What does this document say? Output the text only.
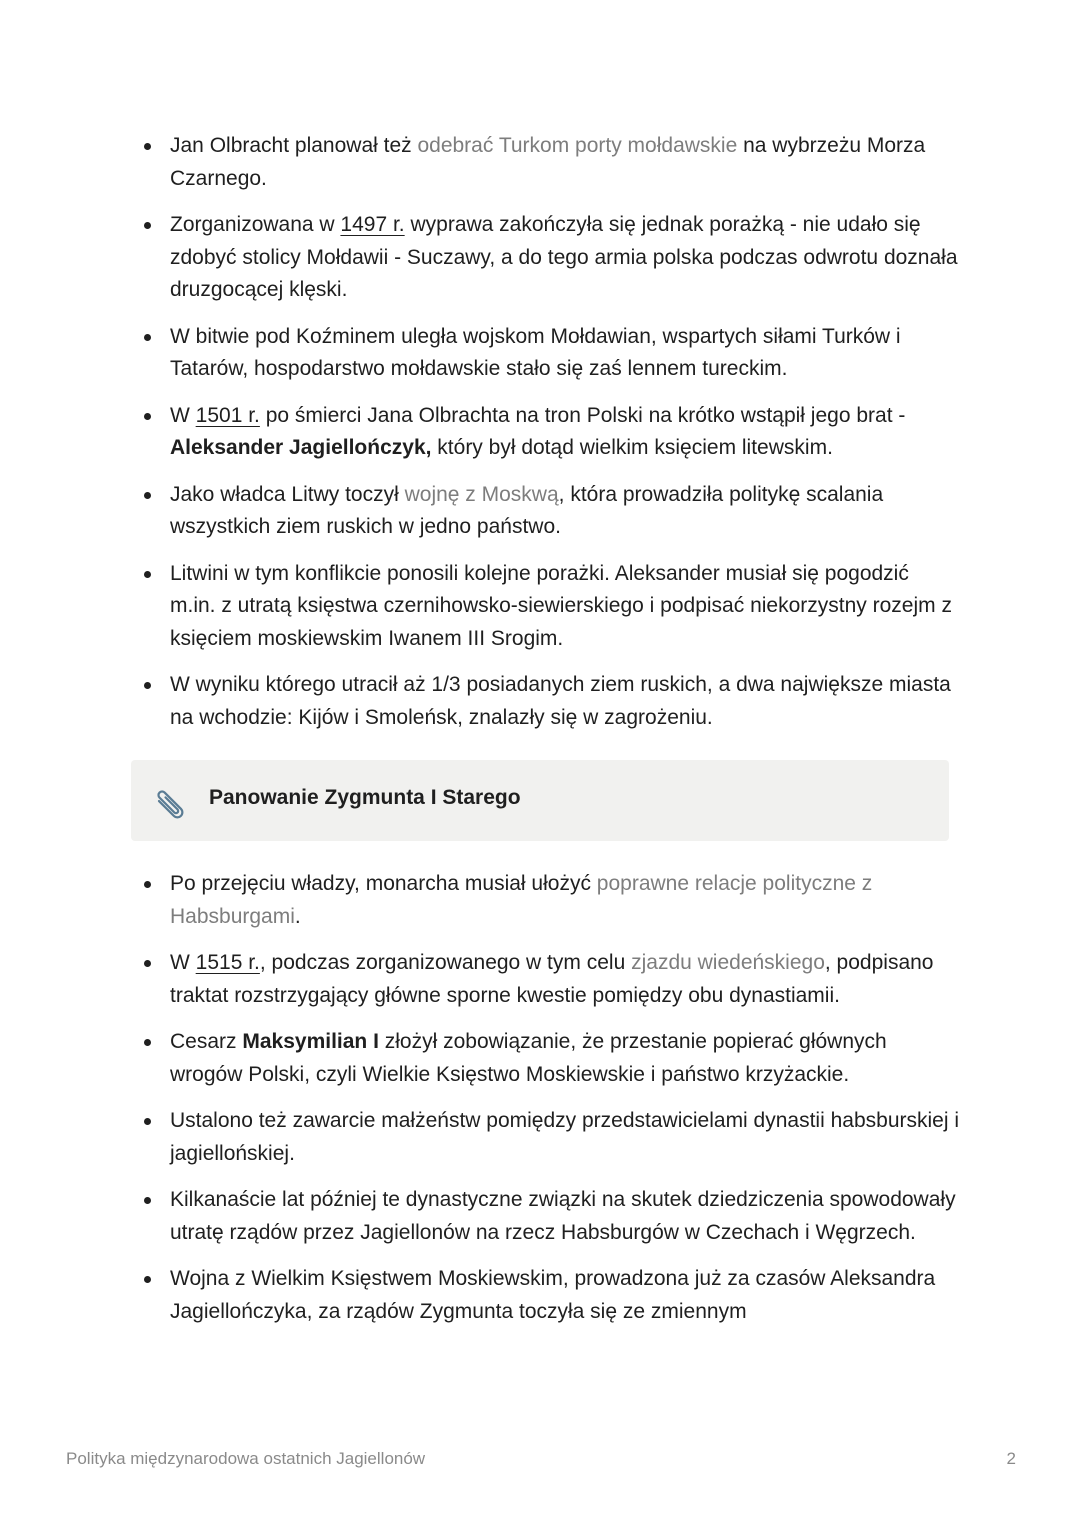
Jan Olbracht planował też odebrać Turkom porty mołdawskie na wybrzeżu Morza Czarnego.
Zorganizowana w 1497 r. wyprawa zakończyła się jednak porażką - nie udało się zdobyć stolicy Mołdawii - Suczawy, a do tego armia polska podczas odwrotu doznała druzgocącej klęski.
W bitwie pod Koźminem uległa wojskom Mołdawian, wspartych siłami Turków i Tatarów, hospodarstwo mołdawskie stało się zaś lennem tureckim.
W 1501 r. po śmierci Jana Olbrachta na tron Polski na krótko wstąpił jego brat - Aleksander Jagiellończyk, który był dotąd wielkim księciem litewskim.
Jako władca Litwy toczył wojnę z Moskwą, która prowadziła politykę scalania wszystkich ziem ruskich w jedno państwo.
Litwini w tym konflikcie ponosili kolejne porażki. Aleksander musiał się pogodzić m.in. z utratą księstwa czernihowsko-siewierskiego i podpisać niekorzystny rozejm z księciem moskiewskim Iwanem III Srogim.
W wyniku którego utracił aż 1/3 posiadanych ziem ruskich, a dwa największe miasta na wchodzie: Kijów i Smoleńsk, znalazły się w zagrożeniu.
Panowanie Zygmunta I Starego
Po przejęciu władzy, monarcha musiał ułożyć poprawne relacje polityczne z Habsburgami.
W 1515 r., podczas zorganizowanego w tym celu zjazdu wiedeńskiego, podpisano traktat rozstrzygający główne sporne kwestie pomiędzy obu dynastiamii.
Cesarz Maksymilian I złożył zobowiązanie, że przestanie popierać głównych wrogów Polski, czyli Wielkie Księstwo Moskiewskie i państwo krzyżackie.
Ustalono też zawarcie małżeństw pomiędzy przedstawicielami dynastii habsburskiej i jagiellońskiej.
Kilkanaście lat później te dynastyczne związki na skutek dziedziczenia spowodowały utratę rządów przez Jagiellonów na rzecz Habsburgów w Czechach i Węgrzech.
Wojna z Wielkim Księstwem Moskiewskim, prowadzona już za czasów Aleksandra Jagiellończyka, za rządów Zygmunta toczyła się ze zmiennym
Polityka międzynarodowa ostatnich Jagiellonów	2
